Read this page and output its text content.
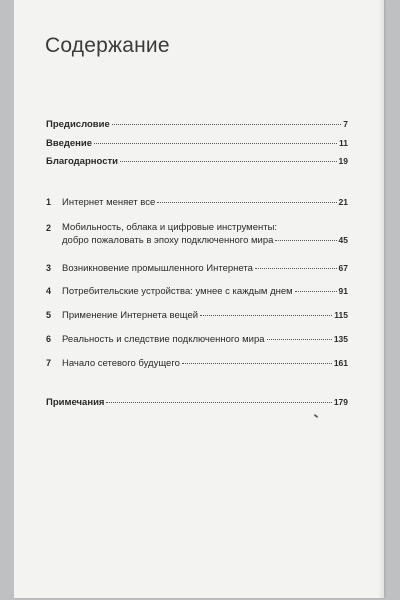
Содержание
Предисловие	7
Введение	11
Благодарности	19
1	Интернет меняет все	21
2	Мобильность, облака и цифровые инструменты:
добро пожаловать в эпоху подключенного мира	45
3	Возникновение промышленного Интернета	67
4	Потребительские устройства: умнее с каждым днем	91
5	Применение Интернета вещей	115
6	Реальность и следствие подключенного мира	135
7	Начало сетевого будущего	161
Примечания	179
